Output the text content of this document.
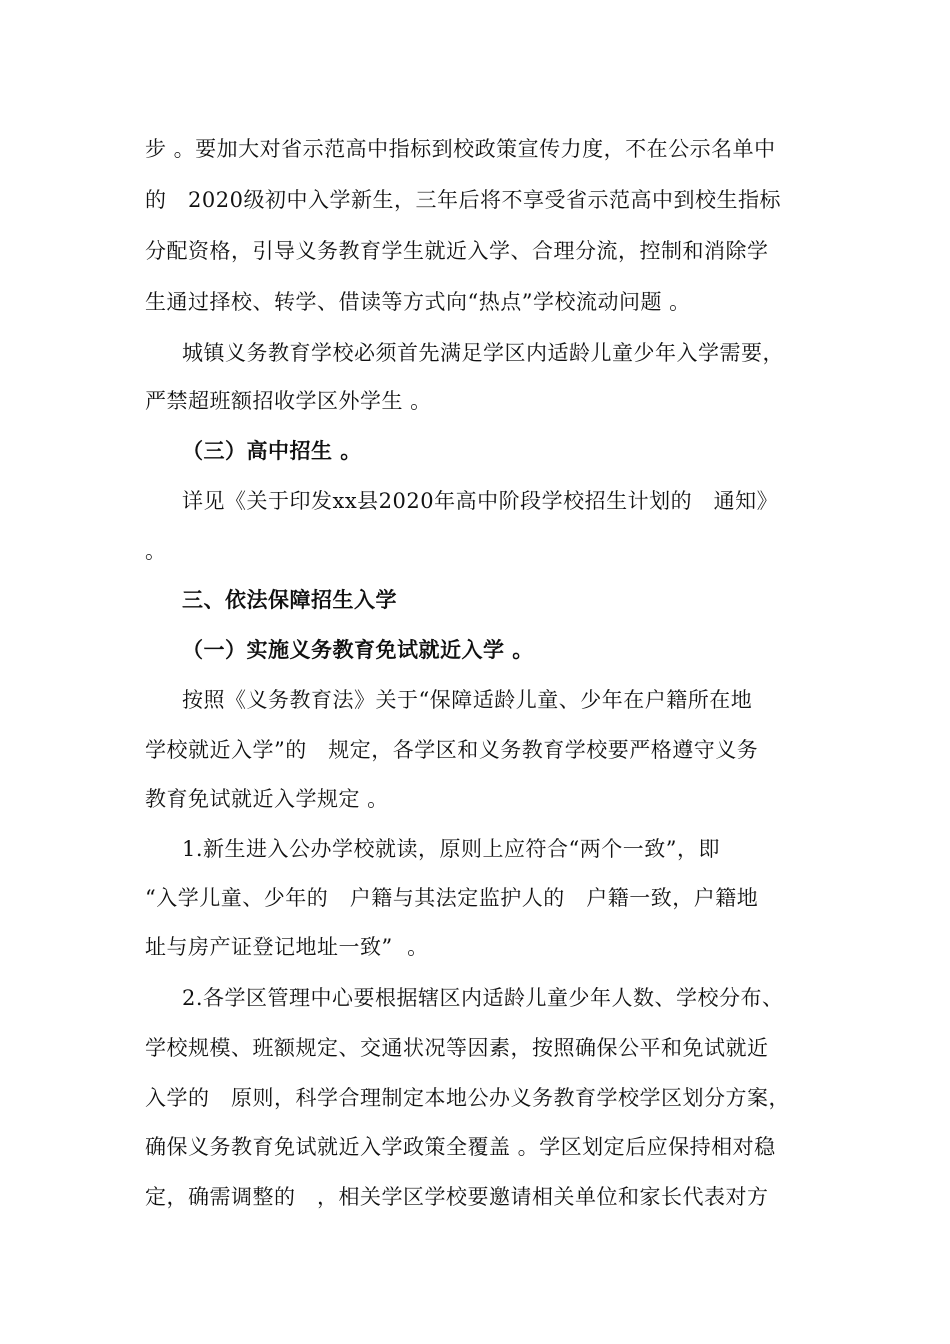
步 。要加大对省示范高中指标到校政策宣传力度，不在公示名单中
的   2020级初中入学新生，三年后将不享受省示范高中到校生指标
分配资格，引导义务教育学生就近入学、合理分流，控制和消除学
生通过择校、转学、借读等方式向“热点”学校流动问题 。
城镇义务教育学校必须首先满足学区内适龄儿童少年入学需要，
严禁超班额招收学区外学生 。
（三）高中招生 。
详见《关于印发xx县2020年高中阶段学校招生计划的   通知》
。
三、依法保障招生入学
（一）实施义务教育免试就近入学 。
按照《义务教育法》关于“保障适龄儿童、少年在户籍所在地
学校就近入学”的   规定，各学区和义务教育学校要严格遵守义务
教育免试就近入学规定 。
1.新生进入公办学校就读，原则上应符合“两个一致”，即
“入学儿童、少年的   户籍与其法定监护人的   户籍一致，户籍地
址与房产证登记地址一致”  。
2.各学区管理中心要根据辖区内适龄儿童少年人数、学校分布、
学校规模、班额规定、交通状况等因素，按照确保公平和免试就近
入学的   原则，科学合理制定本地公办义务教育学校学区划分方案，
确保义务教育免试就近入学政策全覆盖 。学区划定后应保持相对稳
定，确需调整的   ，相关学区学校要邀请相关单位和家长代表对方
